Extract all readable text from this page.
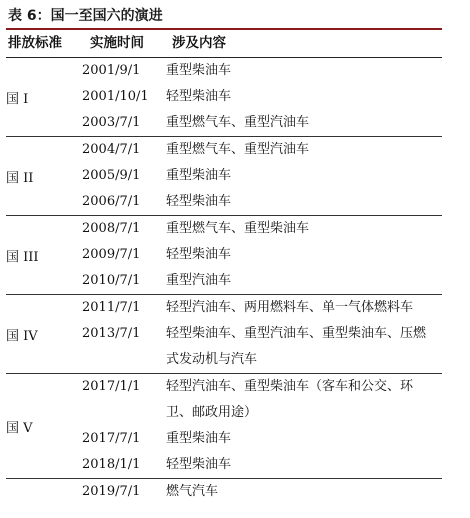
表 6：国一至国六的演进
排放标准 实施时间 涉及内容
国 I	2001/9/1	重型柴油车

	2001/10/1	轻型柴油车

	2003/7/1	重型燃气车、重型汽油车

国 II	2004/7/1	重型燃气车、重型汽油车

	2005/9/1	重型柴油车

	2006/7/1	轻型柴油车

国 III	2008/7/1	重型燃气车、重型柴油车

	2009/7/1	轻型柴油车

	2010/7/1	重型汽油车

国 IV	2011/7/1	轻型汽油车、两用燃料车、单一气体燃料车

	2013/7/1	轻型柴油车、重型汽油车、重型柴油车、压燃式发动机与汽车

国 V	2017/1/1	轻型汽油车、重型柴油车（客车和公交、环卫、邮政用途）

	2017/7/1	重型柴油车

	2018/1/1	轻型柴油车

	2019/7/1	燃气汽车
